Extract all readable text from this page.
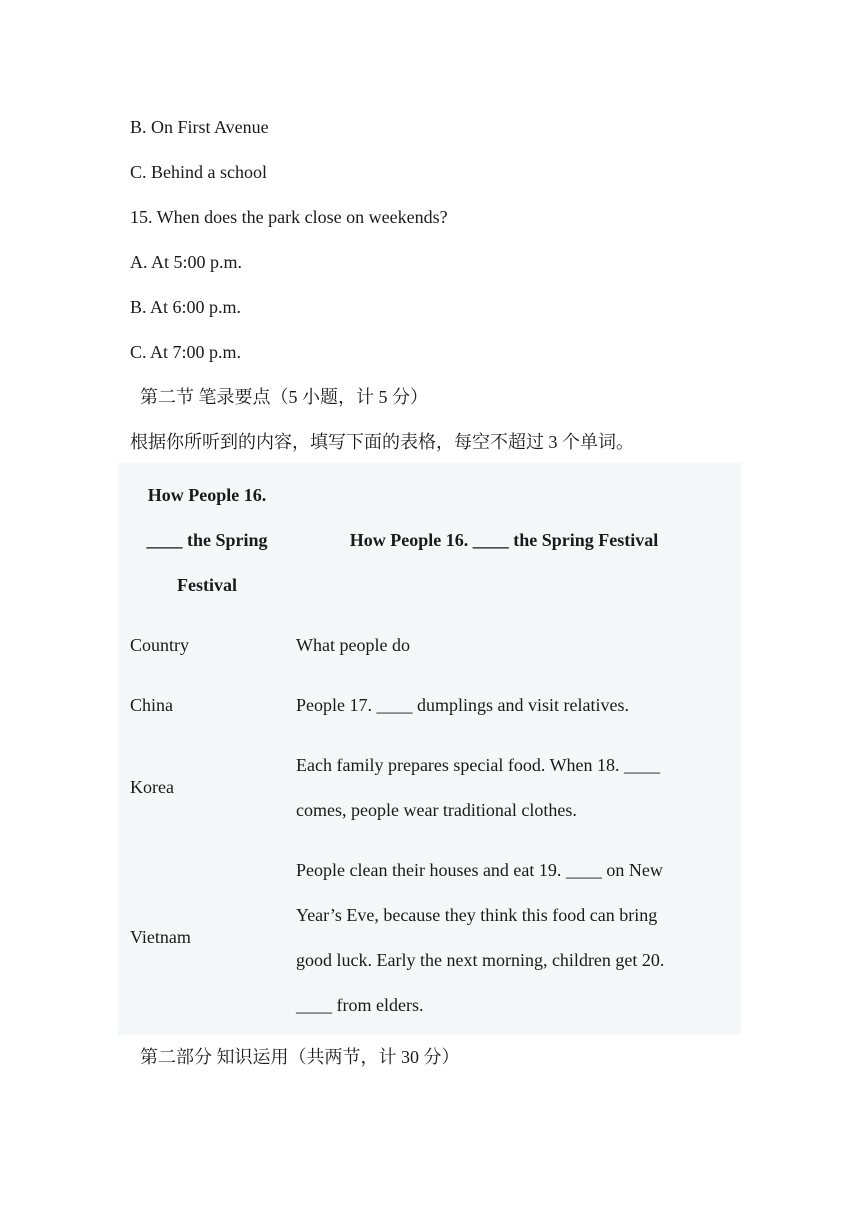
B. On First Avenue
C. Behind a school
15. When does the park close on weekends?
A. At 5:00 p.m.
B. At 6:00 p.m.
C. At 7:00 p.m.
第二节 笔录要点（5 小题，计 5 分）
根据你所听到的内容，填写下面的表格，每空不超过 3 个单词。
How People 16.
____ the Spring
Festival
How People 16. ____ the Spring Festival
Country	What people do
China	People 17. ____ dumplings and visit relatives.
Korea
Each family prepares special food. When 18. ____
comes, people wear traditional clothes.
Vietnam
People clean their houses and eat 19. ____ on New
Year’s Eve, because they think this food can bring
good luck. Early the next morning, children get 20.
____ from elders.
第二部分 知识运用（共两节，计 30 分）
